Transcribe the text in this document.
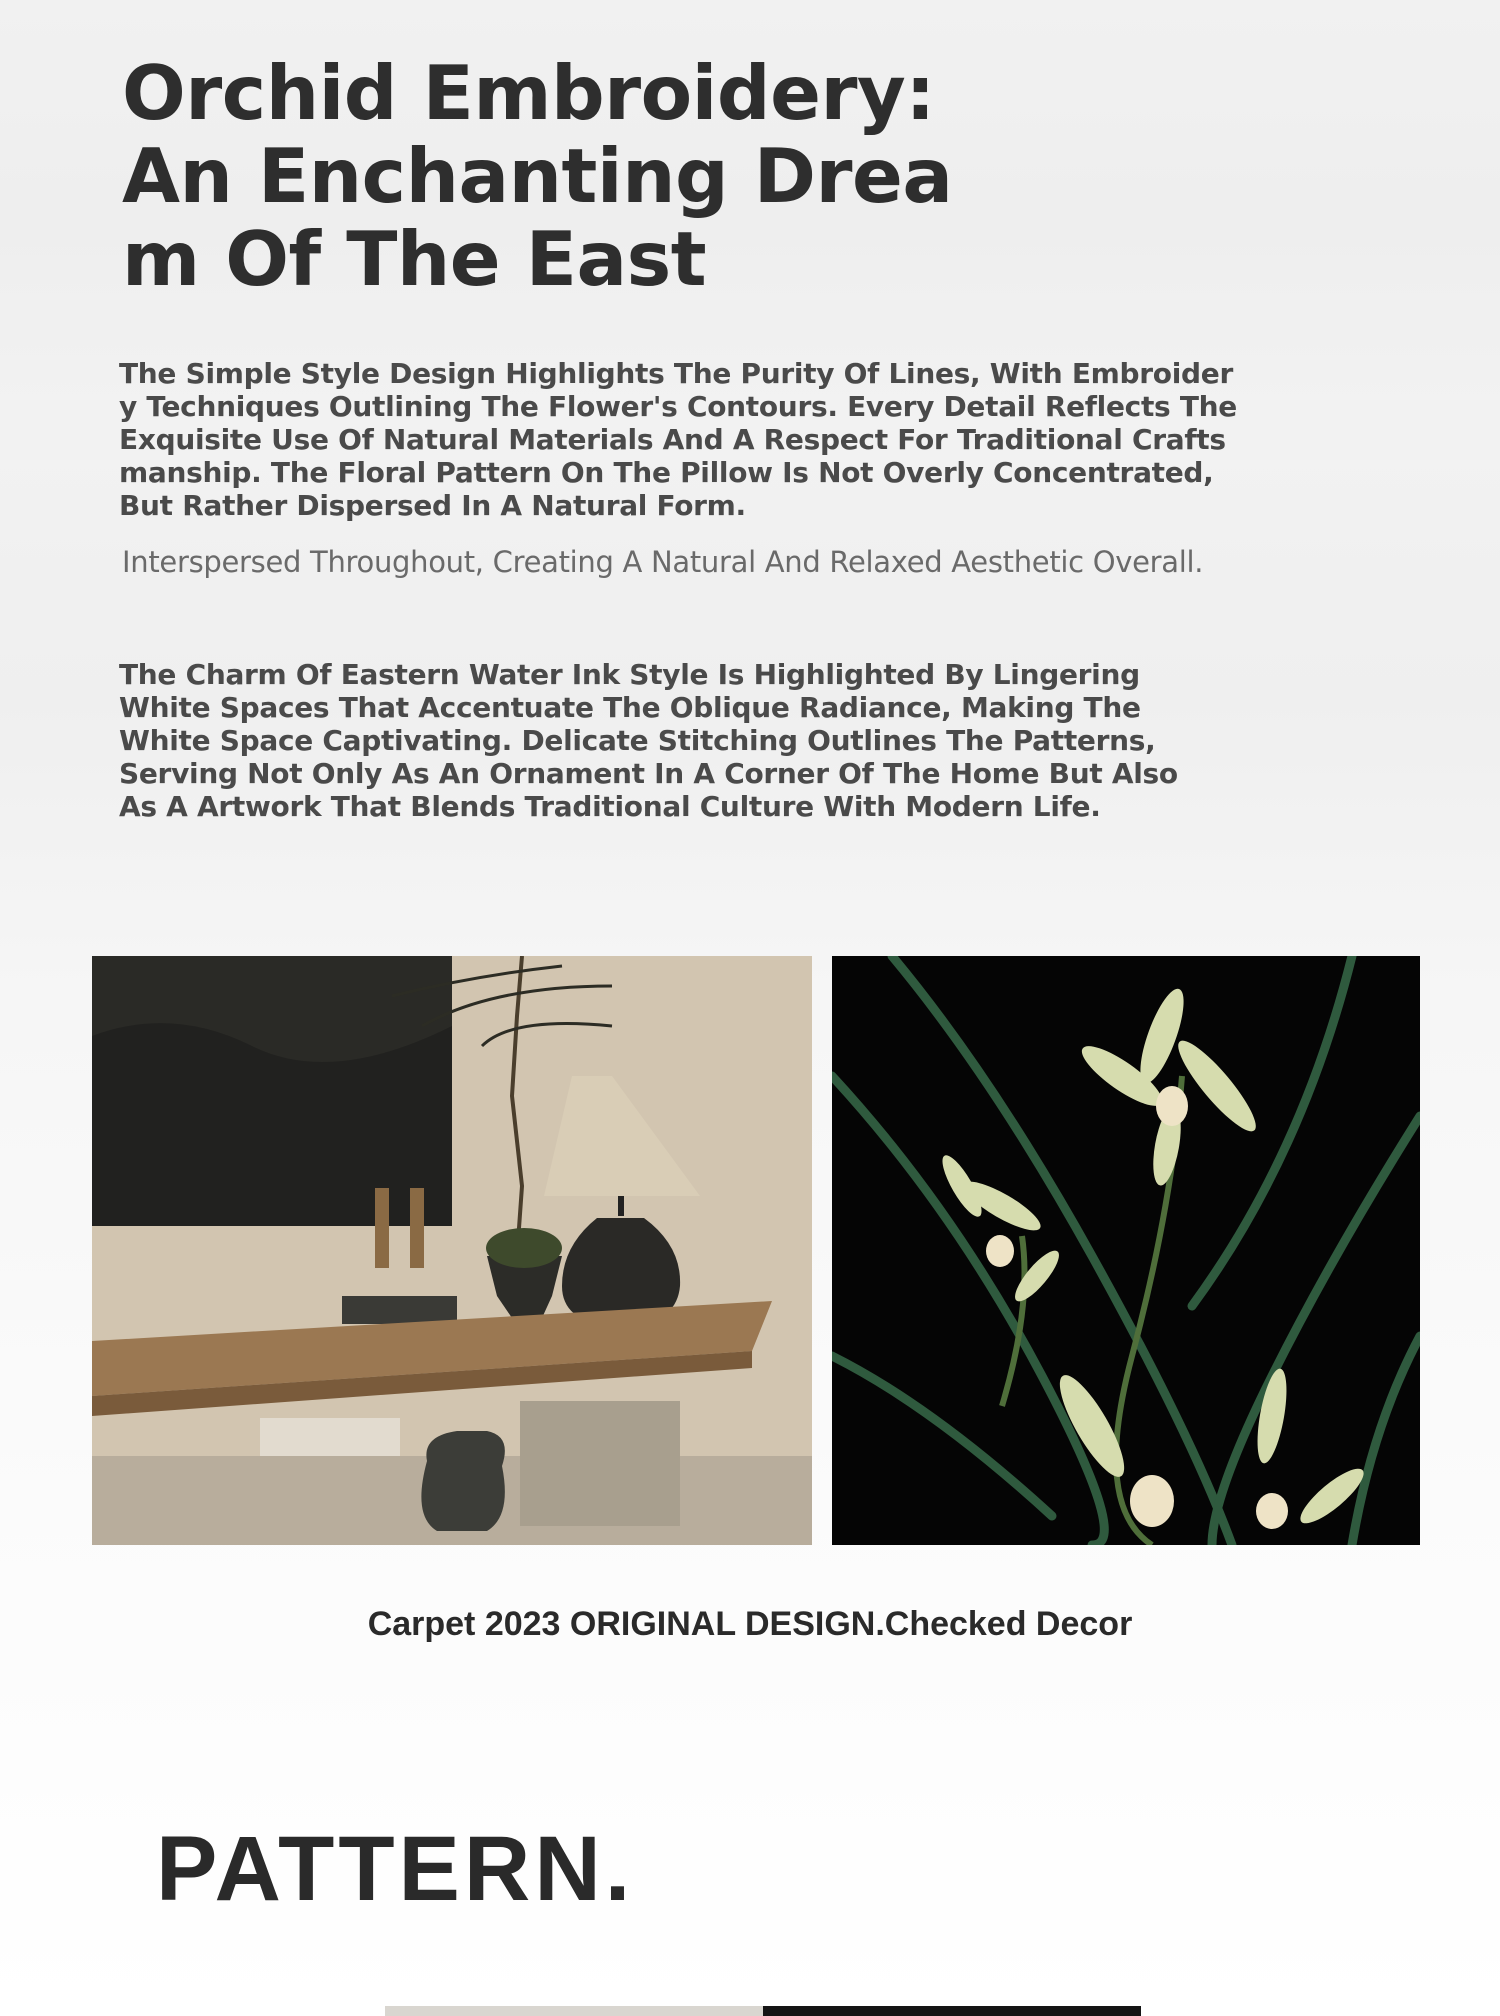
Orchid Embroidery: An Enchanting Dream Of The East

The Simple Style Design Highlights The Purity Of Lines, With Embroidery Techniques Outlining The Flower's Contours. Every Detail Reflects The Exquisite Use Of Natural Materials And A Respect For Traditional Craftsmanship. The Floral Pattern On The Pillow Is Not Overly Concentrated, But Rather Dispersed In A Natural Form.

Interspersed Throughout, Creating A Natural And Relaxed Aesthetic Overall.

The Charm Of Eastern Water Ink Style Is Highlighted By Lingering White Spaces That Accentuate The Oblique Radiance, Making The White Space Captivating. Delicate Stitching Outlines The Patterns, Serving Not Only As An Ornament In A Corner Of The Home But Also As A Artwork That Blends Traditional Culture With Modern Life.

Carpet 2023 ORIGINAL DESIGN.Checked Decor

PATTERN.
